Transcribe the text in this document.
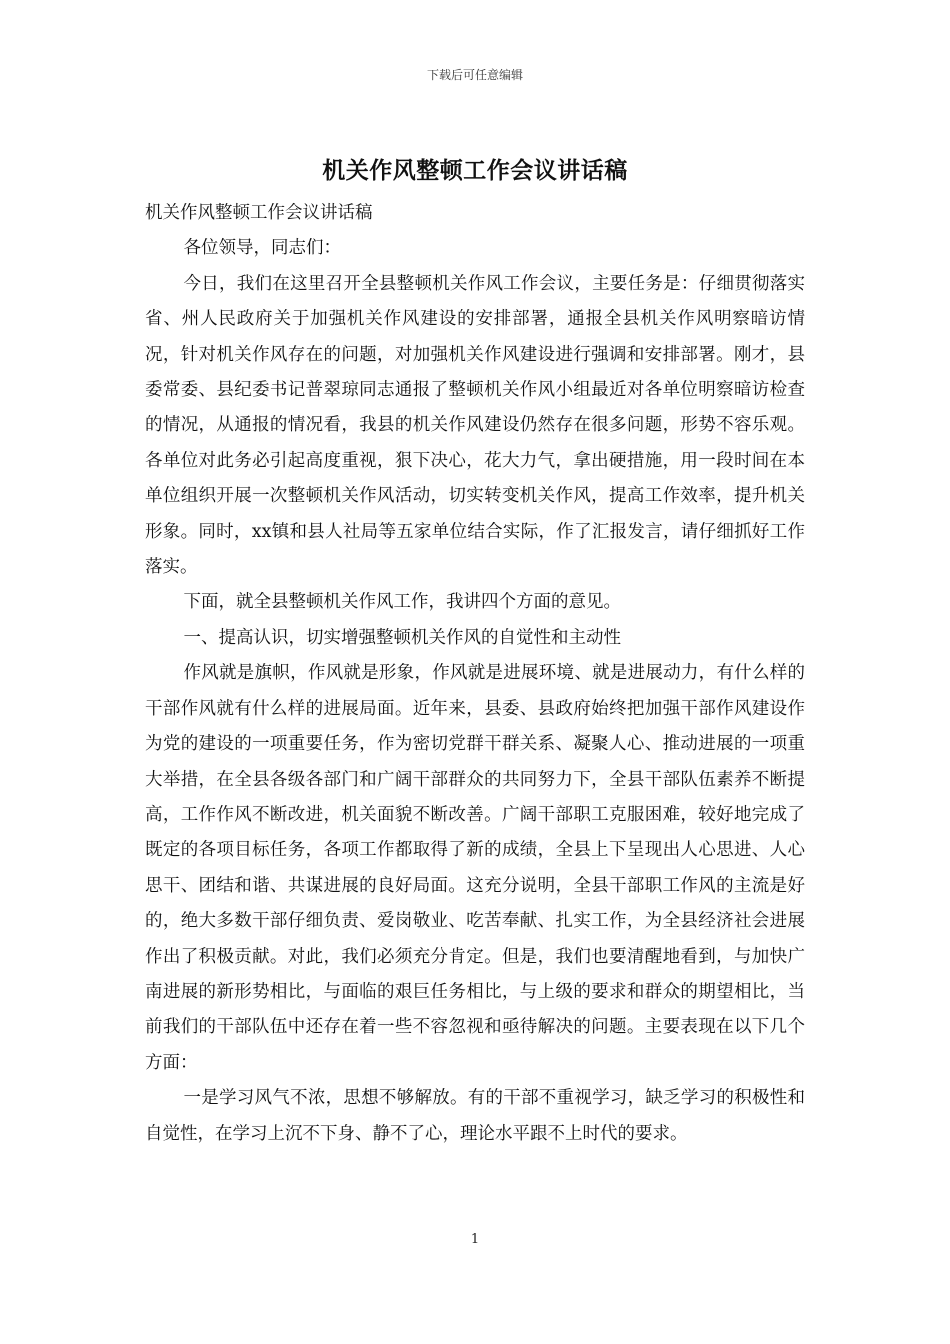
下载后可任意编辑
机关作风整顿工作会议讲话稿

机关作风整顿工作会议讲话稿

各位领导，同志们：

今日，我们在这里召开全县整顿机关作风工作会议，主要任务是：仔细贯彻落实省、州人民政府关于加强机关作风建设的安排部署，通报全县机关作风明察暗访情况，针对机关作风存在的问题，对加强机关作风建设进行强调和安排部署。刚才，县委常委、县纪委书记普翠琼同志通报了整顿机关作风小组最近对各单位明察暗访检查的情况，从通报的情况看，我县的机关作风建设仍然存在很多问题，形势不容乐观。各单位对此务必引起高度重视，狠下决心，花大力气，拿出硬措施，用一段时间在本单位组织开展一次整顿机关作风活动，切实转变机关作风，提高工作效率，提升机关形象。同时，xx镇和县人社局等五家单位结合实际，作了汇报发言，请仔细抓好工作落实。

下面，就全县整顿机关作风工作，我讲四个方面的意见。

一、提高认识，切实增强整顿机关作风的自觉性和主动性

作风就是旗帜，作风就是形象，作风就是进展环境、就是进展动力，有什么样的干部作风就有什么样的进展局面。近年来，县委、县政府始终把加强干部作风建设作为党的建设的一项重要任务，作为密切党群干群关系、凝聚人心、推动进展的一项重大举措，在全县各级各部门和广阔干部群众的共同努力下，全县干部队伍素养不断提高，工作作风不断改进，机关面貌不断改善。广阔干部职工克服困难，较好地完成了既定的各项目标任务，各项工作都取得了新的成绩，全县上下呈现出人心思进、人心思干、团结和谐、共谋进展的良好局面。这充分说明，全县干部职工作风的主流是好的，绝大多数干部仔细负责、爱岗敬业、吃苦奉献、扎实工作，为全县经济社会进展作出了积极贡献。对此，我们必须充分肯定。但是，我们也要清醒地看到，与加快广南进展的新形势相比，与面临的艰巨任务相比，与上级的要求和群众的期望相比，当前我们的干部队伍中还存在着一些不容忽视和亟待解决的问题。主要表现在以下几个方面：

一是学习风气不浓，思想不够解放。有的干部不重视学习，缺乏学习的积极性和自觉性，在学习上沉不下身、静不了心，理论水平跟不上时代的要求。

1
